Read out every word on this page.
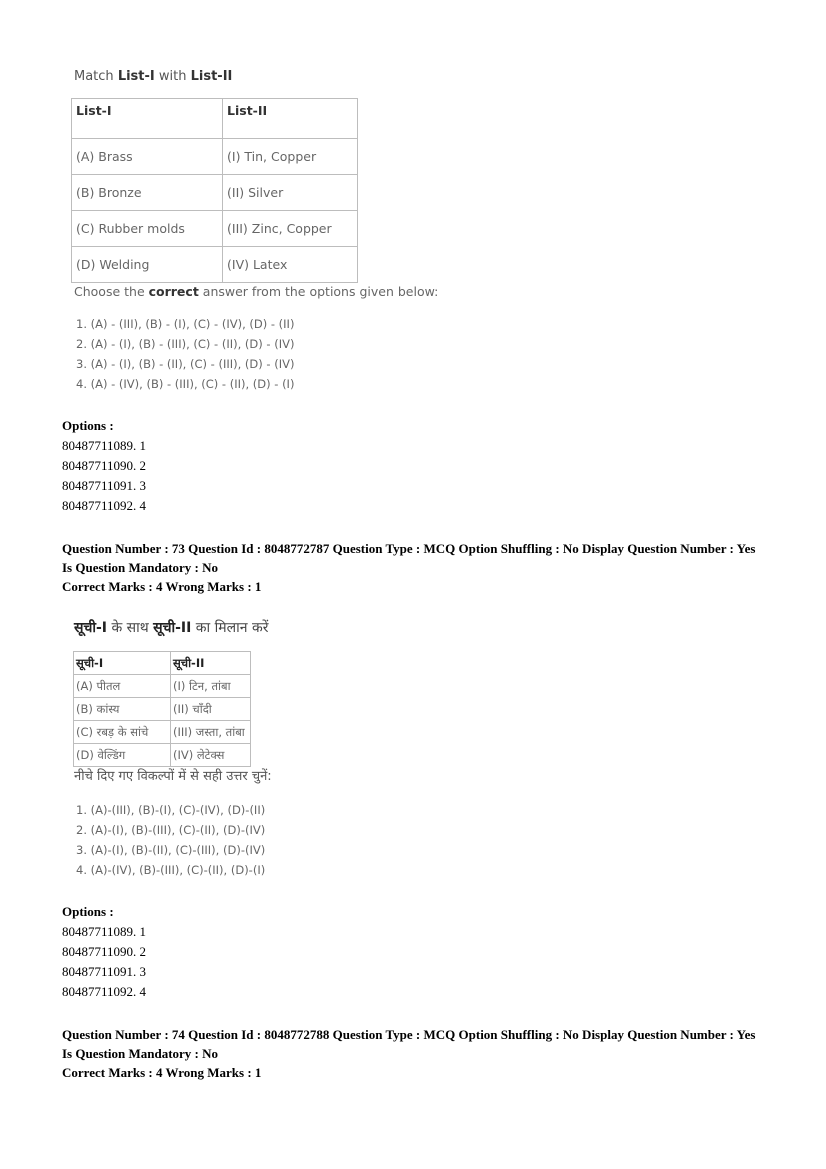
Match List-I with List-II
List-I	List-II
(A) Brass	(I) Tin, Copper
(B) Bronze	(II) Silver
(C) Rubber molds	(III) Zinc, Copper
(D) Welding	(IV) Latex
Choose the correct answer from the options given below:
1. (A) - (III), (B) - (I), (C) - (IV), (D) - (II)
2. (A) - (I), (B) - (III), (C) - (II), (D) - (IV)
3. (A) - (I), (B) - (II), (C) - (III), (D) - (IV)
4. (A) - (IV), (B) - (III), (C) - (II), (D) - (I)
Options :
80487711089. 1
80487711090. 2
80487711091. 3
80487711092. 4
Question Number : 73 Question Id : 8048772787 Question Type : MCQ Option Shuffling : No Display Question Number : Yes
Is Question Mandatory : No
Correct Marks : 4 Wrong Marks : 1
सूची-I के साथ सूची-II का मिलान करें
सूची-I	सूची-II
(A) पीतल	(I) टिन, तांबा
(B) कांस्य	(II) चाँदी
(C) रबड़ के सांचे	(III) जस्ता, तांबा
(D) वेल्डिंग	(IV) लेटेक्स
नीचे दिए गए विकल्पों में से सही उत्तर चुनें:
1. (A)-(III), (B)-(I), (C)-(IV), (D)-(II)
2. (A)-(I), (B)-(III), (C)-(II), (D)-(IV)
3. (A)-(I), (B)-(II), (C)-(III), (D)-(IV)
4. (A)-(IV), (B)-(III), (C)-(II), (D)-(I)
Options :
80487711089. 1
80487711090. 2
80487711091. 3
80487711092. 4
Question Number : 74 Question Id : 8048772788 Question Type : MCQ Option Shuffling : No Display Question Number : Yes
Is Question Mandatory : No
Correct Marks : 4 Wrong Marks : 1
